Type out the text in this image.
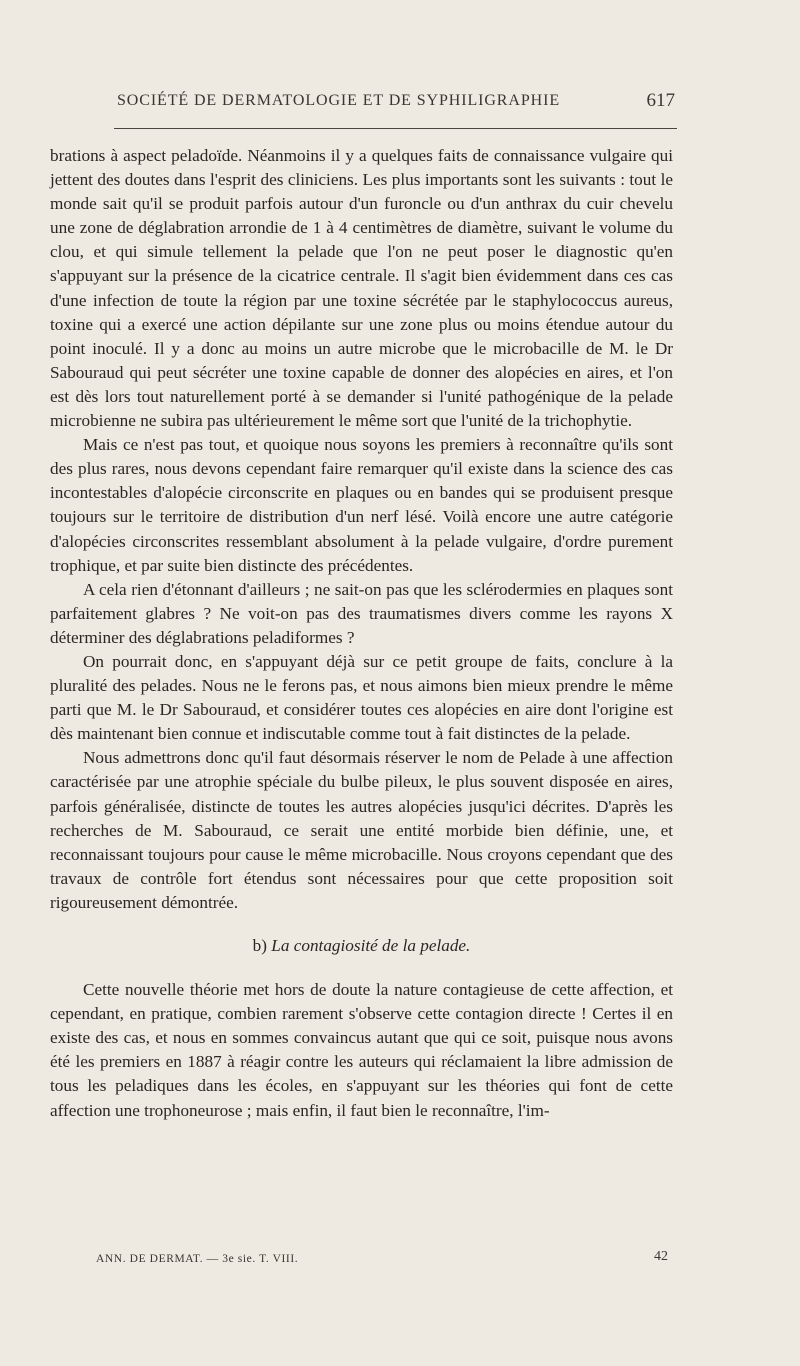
SOCIÉTÉ DE DERMATOLOGIE ET DE SYPHILIGRAPHIE	617

brations à aspect peladoïde. Néanmoins il y a quelques faits de connaissance vulgaire qui jettent des doutes dans l'esprit des cliniciens. Les plus importants sont les suivants : tout le monde sait qu'il se produit parfois autour d'un furoncle ou d'un anthrax du cuir chevelu une zone de déglabration arrondie de 1 à 4 centimètres de diamètre, suivant le volume du clou, et qui simule tellement la pelade que l'on ne peut poser le diagnostic qu'en s'appuyant sur la présence de la cicatrice centrale. Il s'agit bien évidemment dans ces cas d'une infection de toute la région par une toxine sécrétée par le staphylococcus aureus, toxine qui a exercé une action dépilante sur une zone plus ou moins étendue autour du point inoculé. Il y a donc au moins un autre microbe que le microbacille de M. le Dr Sabouraud qui peut sécréter une toxine capable de donner des alopécies en aires, et l'on est dès lors tout naturellement porté à se demander si l'unité pathogénique de la pelade microbienne ne subira pas ultérieurement le même sort que l'unité de la trichophytie.

Mais ce n'est pas tout, et quoique nous soyons les premiers à reconnaître qu'ils sont des plus rares, nous devons cependant faire remarquer qu'il existe dans la science des cas incontestables d'alopécie circonscrite en plaques ou en bandes qui se produisent presque toujours sur le territoire de distribution d'un nerf lésé. Voilà encore une autre catégorie d'alopécies circonscrites ressemblant absolument à la pelade vulgaire, d'ordre purement trophique, et par suite bien distincte des précédentes.

A cela rien d'étonnant d'ailleurs ; ne sait-on pas que les sclérodermies en plaques sont parfaitement glabres ? Ne voit-on pas des traumatismes divers comme les rayons X déterminer des déglabrations peladiformes ?

On pourrait donc, en s'appuyant déjà sur ce petit groupe de faits, conclure à la pluralité des pelades. Nous ne le ferons pas, et nous aimons bien mieux prendre le même parti que M. le Dr Sabouraud, et considérer toutes ces alopécies en aire dont l'origine est dès maintenant bien connue et indiscutable comme tout à fait distinctes de la pelade.

Nous admettrons donc qu'il faut désormais réserver le nom de Pelade à une affection caractérisée par une atrophie spéciale du bulbe pileux, le plus souvent disposée en aires, parfois généralisée, distincte de toutes les autres alopécies jusqu'ici décrites. D'après les recherches de M. Sabouraud, ce serait une entité morbide bien définie, une, et reconnaissant toujours pour cause le même microbacille. Nous croyons cependant que des travaux de contrôle fort étendus sont nécessaires pour que cette proposition soit rigoureusement démontrée.

b) La contagiosité de la pelade.

Cette nouvelle théorie met hors de doute la nature contagieuse de cette affection, et cependant, en pratique, combien rarement s'observe cette contagion directe ! Certes il en existe des cas, et nous en sommes convaincus autant que qui ce soit, puisque nous avons été les premiers en 1887 à réagir contre les auteurs qui réclamaient la libre admission de tous les peladiques dans les écoles, en s'appuyant sur les théories qui font de cette affection une trophoneurose ; mais enfin, il faut bien le reconnaître, l'im-

ANN. DE DERMAT. — 3e sie. T. VIII.	42
